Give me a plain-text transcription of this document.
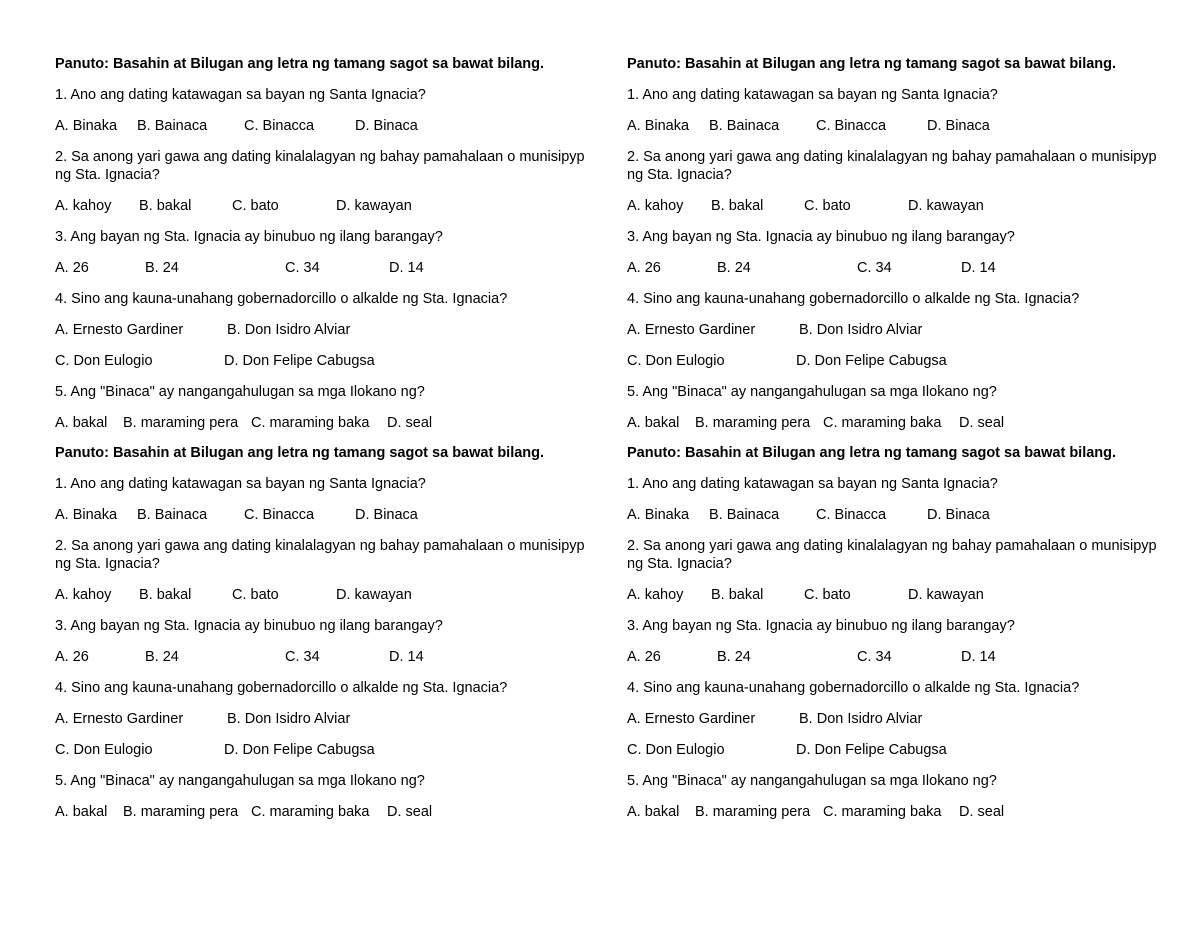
Panuto: Basahin at Bilugan ang letra ng tamang sagot sa bawat bilang.
1. Ano ang dating katawagan sa bayan ng Santa Ignacia?
A. Binaka B. Bainaca	C. Binacca	D. Binaca
2. Sa anong yari gawa ang dating kinalalagyan ng bahay pamahalaan o munisipyp ng Sta. Ignacia?
A. kahoy B. bakal	C. bato	D. kawayan
3. Ang bayan ng Sta. Ignacia ay binubuo ng ilang barangay?
A. 26	B. 24	C. 34	D. 14
4. Sino ang kauna-unahang gobernadorcillo o alkalde ng Sta. Ignacia?
A. Ernesto Gardiner	B. Don Isidro Alviar
C. Don Eulogio	D. Don Felipe Cabugsa
5. Ang "Binaca" ay nangangahulugan sa mga Ilokano ng?
A. bakal B. maraming pera C. maraming baka D. seal
Panuto: Basahin at Bilugan ang letra ng tamang sagot sa bawat bilang.
1. Ano ang dating katawagan sa bayan ng Santa Ignacia?
A. Binaka B. Bainaca	C. Binacca	D. Binaca
2. Sa anong yari gawa ang dating kinalalagyan ng bahay pamahalaan o munisipyp ng Sta. Ignacia?
A. kahoy B. bakal	C. bato	D. kawayan
3. Ang bayan ng Sta. Ignacia ay binubuo ng ilang barangay?
A. 26	B. 24	C. 34	D. 14
4. Sino ang kauna-unahang gobernadorcillo o alkalde ng Sta. Ignacia?
A. Ernesto Gardiner	B. Don Isidro Alviar
C. Don Eulogio	D. Don Felipe Cabugsa
5. Ang "Binaca" ay nangangahulugan sa mga Ilokano ng?
A. bakal B. maraming pera C. maraming baka D. seal
Panuto: Basahin at Bilugan ang letra ng tamang sagot sa bawat bilang.
1. Ano ang dating katawagan sa bayan ng Santa Ignacia?
A. Binaka B. Bainaca	C. Binacca	D. Binaca
2. Sa anong yari gawa ang dating kinalalagyan ng bahay pamahalaan o munisipyp ng Sta. Ignacia?
A. kahoy B. bakal	C. bato	D. kawayan
3. Ang bayan ng Sta. Ignacia ay binubuo ng ilang barangay?
A. 26	B. 24	C. 34	D. 14
4. Sino ang kauna-unahang gobernadorcillo o alkalde ng Sta. Ignacia?
A. Ernesto Gardiner	B. Don Isidro Alviar
C. Don Eulogio	D. Don Felipe Cabugsa
5. Ang "Binaca" ay nangangahulugan sa mga Ilokano ng?
A. bakal B. maraming pera C. maraming baka D. seal
Panuto: Basahin at Bilugan ang letra ng tamang sagot sa bawat bilang.
1. Ano ang dating katawagan sa bayan ng Santa Ignacia?
A. Binaka B. Bainaca	C. Binacca	D. Binaca
2. Sa anong yari gawa ang dating kinalalagyan ng bahay pamahalaan o munisipyp ng Sta. Ignacia?
A. kahoy B. bakal	C. bato	D. kawayan
3. Ang bayan ng Sta. Ignacia ay binubuo ng ilang barangay?
A. 26	B. 24	C. 34	D. 14
4. Sino ang kauna-unahang gobernadorcillo o alkalde ng Sta. Ignacia?
A. Ernesto Gardiner	B. Don Isidro Alviar
C. Don Eulogio	D. Don Felipe Cabugsa
5. Ang "Binaca" ay nangangahulugan sa mga Ilokano ng?
A. bakal B. maraming pera C. maraming baka D. seal
